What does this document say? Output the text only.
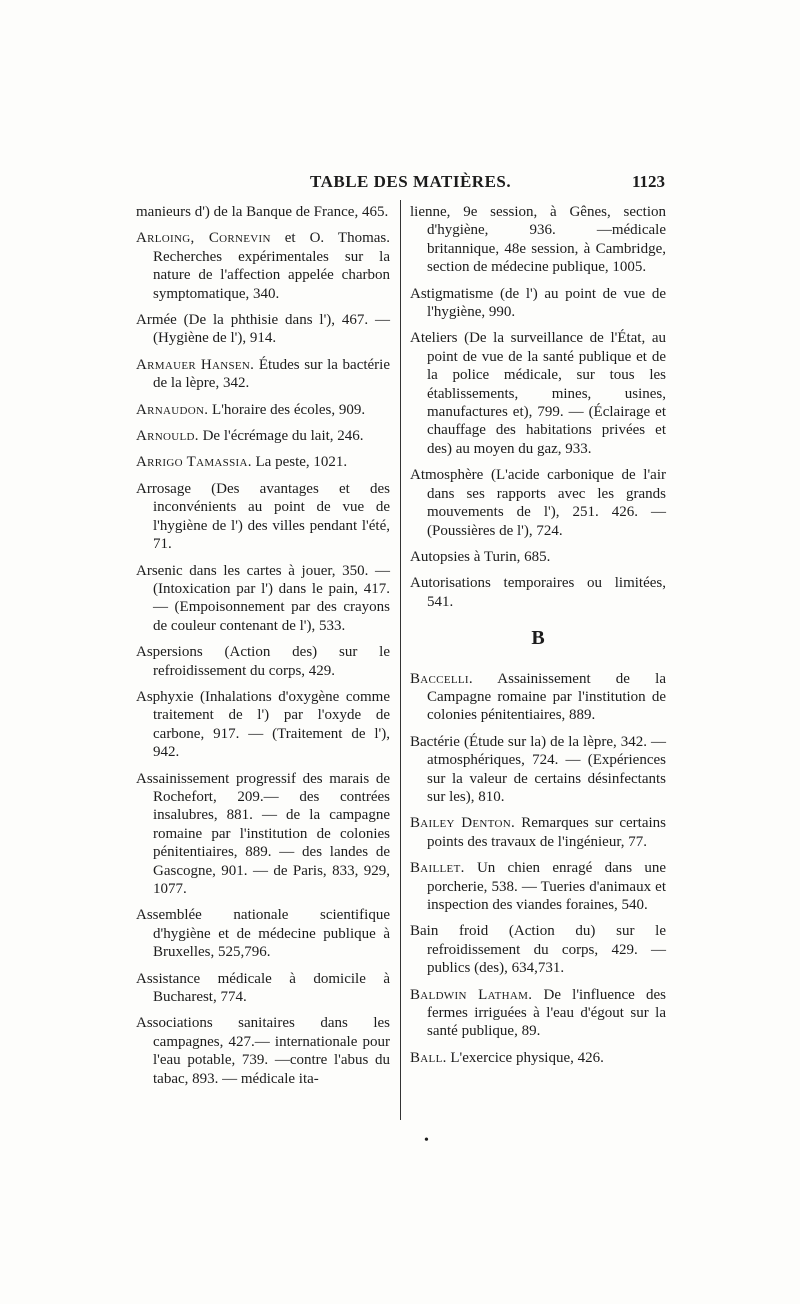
TABLE DES MATIÈRES.	1123

manieurs d') de la Banque de France, 465.

Arloing, Cornevin et O. Thomas. Recherches expérimentales sur la nature de l'affection appelée charbon symptomatique, 340.

Armée (De la phthisie dans l'), 467. — (Hygiène de l'), 914.

Armauer Hansen. Études sur la bactérie de la lèpre, 342.

Arnaudon. L'horaire des écoles, 909.

Arnould. De l'écrémage du lait, 246.

Arrigo Tamassia. La peste, 1021.

Arrosage (Des avantages et des inconvénients au point de vue de l'hygiène de l') des villes pendant l'été, 71.

Arsenic dans les cartes à jouer, 350. — (Intoxication par l') dans le pain, 417. — (Empoisonnement par des crayons de couleur contenant de l'), 533.

Aspersions (Action des) sur le refroidissement du corps, 429.

Asphyxie (Inhalations d'oxygène comme traitement de l') par l'oxyde de carbone, 917. — (Traitement de l'), 942.

Assainissement progressif des marais de Rochefort, 209.— des contrées insalubres, 881. — de la campagne romaine par l'institution de colonies pénitentiaires, 889. — des landes de Gascogne, 901. — de Paris, 833, 929, 1077.

Assemblée nationale scientifique d'hygiène et de médecine publique à Bruxelles, 525,796.

Assistance médicale à domicile à Bucharest, 774.

Associations sanitaires dans les campagnes, 427.— internationale pour l'eau potable, 739. —contre l'abus du tabac, 893. — médicale ita-

lienne, 9e session, à Gênes, section d'hygiène, 936. —médicale britannique, 48e session, à Cambridge, section de médecine publique, 1005.

Astigmatisme (de l') au point de vue de l'hygiène, 990.

Ateliers (De la surveillance de l'État, au point de vue de la santé publique et de la police médicale, sur tous les établissements, mines, usines, manufactures et), 799. — (Éclairage et chauffage des habitations privées et des) au moyen du gaz, 933.

Atmosphère (L'acide carbonique de l'air dans ses rapports avec les grands mouvements de l'), 251. 426. — (Poussières de l'), 724.

Autopsies à Turin, 685.

Autorisations temporaires ou limitées, 541.

B

Baccelli. Assainissement de la Campagne romaine par l'institution de colonies pénitentiaires, 889.

Bactérie (Étude sur la) de la lèpre, 342. — atmosphériques, 724. — (Expériences sur la valeur de certains désinfectants sur les), 810.

Bailey Denton. Remarques sur certains points des travaux de l'ingénieur, 77.

Baillet. Un chien enragé dans une porcherie, 538. — Tueries d'animaux et inspection des viandes foraines, 540.

Bain froid (Action du) sur le refroidissement du corps, 429. — publics (des), 634,731.

Baldwin Latham. De l'influence des fermes irriguées à l'eau d'égout sur la santé publique, 89.

Ball. L'exercice physique, 426.

•
